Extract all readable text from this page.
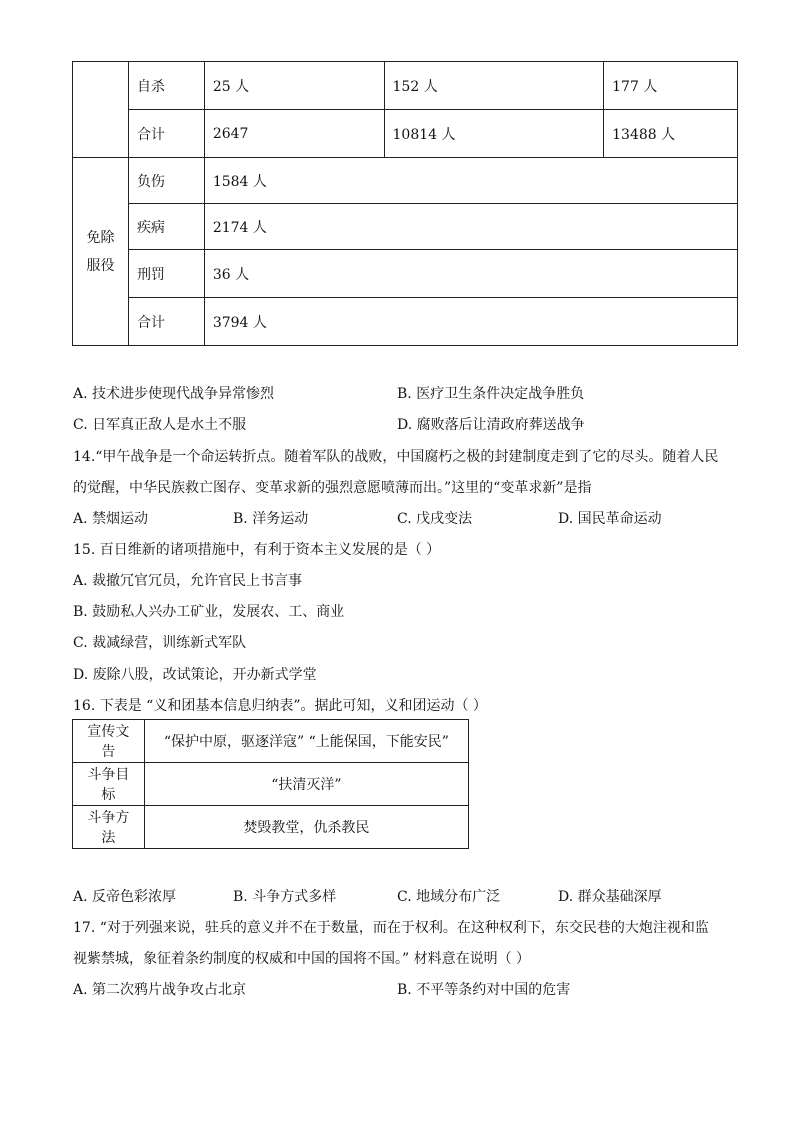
	自杀	25 人	152 人	177 人
	合计	2647	10814 人	13488 人

免除
服役	负伤	1584 人		
	疾病	2174 人		
	刑罚	36 人		
	合计	3794 人		
A. 技术进步使现代战争异常惨烈	B. 医疗卫生条件决定战争胜负
C. 日军真正敌人是水土不服	D. 腐败落后让清政府葬送战争
14.“甲午战争是一个命运转折点。随着军队的战败，中国腐朽之极的封建制度走到了它的尽头。随着人民
的觉醒，中华民族救亡图存、变革求新的强烈意愿喷薄而出。”这里的“变革求新”是指
A. 禁烟运动	B. 洋务运动	C. 戊戌变法	D. 国民革命运动
15. 百日维新的诸项措施中，有利于资本主义发展的是（ ）
A. 裁撤冗官冗员，允许官民上书言事
B. 鼓励私人兴办工矿业，发展农、工、商业
C. 裁减绿营，训练新式军队
D. 废除八股，改试策论，开办新式学堂
16. 下表是 “义和团基本信息归纳表”。据此可知，义和团运动（ ）
宣传文告	“保护中原，驱逐洋寇” “上能保国，下能安民”
斗争目标	“扶清灭洋”
斗争方法	焚毁教堂，仇杀教民
A. 反帝色彩浓厚	B. 斗争方式多样	C. 地域分布广泛	D. 群众基础深厚
17. “对于列强来说，驻兵的意义并不在于数量，而在于权利。在这种权利下，东交民巷的大炮注视和监
视紫禁城，象征着条约制度的权威和中国的国将不国。” 材料意在说明（ ）
A. 第二次鸦片战争攻占北京	B. 不平等条约对中国的危害
